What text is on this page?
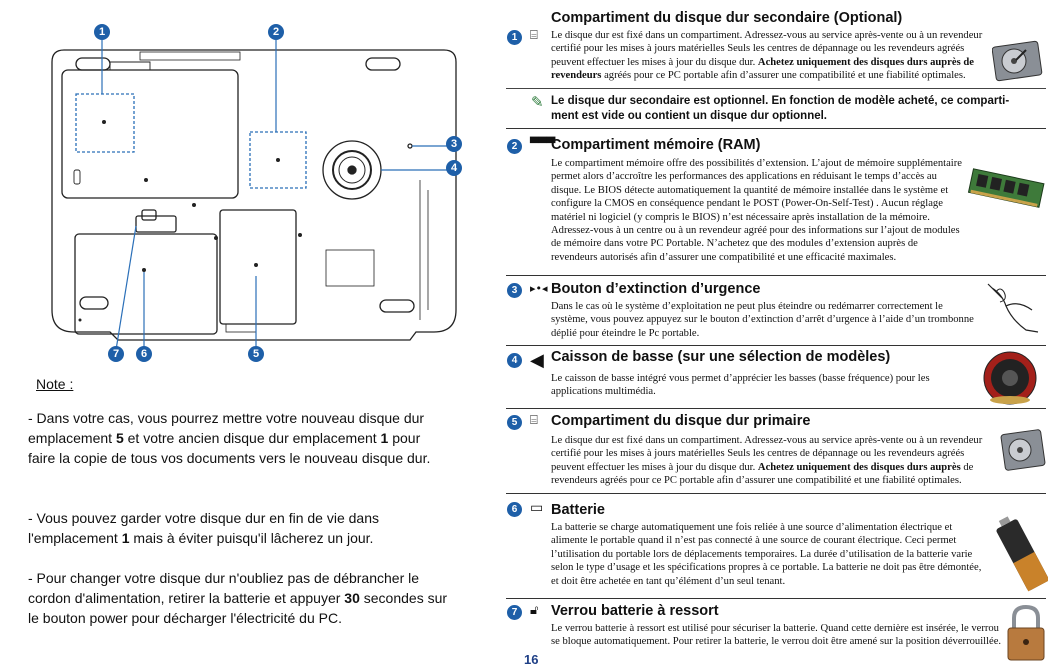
1	2
3
4
5
6
7
Note :
- Dans votre cas, vous pourrez mettre votre nouveau disque dur emplacement 5 et votre ancien disque dur emplacement 1 pour faire la copie de tous vos documents vers le nouveau disque dur.
- Vous pouvez garder votre disque dur en fin de vie dans l'emplacement 1 mais à éviter puisqu'il lâcherez un jour.
- Pour changer votre disque dur n'oubliez pas de débrancher le cordon d'alimentation, retirer la batterie et appuyer 30 secondes sur le bouton power pour décharger l'électricité du PC.
1 ⌸
Compartiment du disque dur secondaire (Optional)
Le disque dur est fixé dans un compartiment. Adressez-vous au service après-vente ou à un revendeur certifié pour les mises à jours matérielles Seuls les centres de dépannage ou les revendeurs agréés peuvent effectuer les mises à jour du disque dur. Achetez uniquement des disques durs auprès de revendeurs agréés pour ce PC portable afin d’assurer une compatibilité et une fiabilité optimales.
✎ Le disque dur secondaire est optionnel. En fonction de modèle acheté, ce comparti-ment est vide ou contient un disque dur optionnel.
2	▀▀▀
Compartiment mémoire (RAM)
Le compartiment mémoire offre des possibilités d’extension. L’ajout de mémoire supplémentaire permet alors d’accroître les performances des applications en réduisant le temps d’accès au disque. Le BIOS détecte automatiquement la quantité de mémoire installée dans le système et configure la CMOS en conséquence pendant le POST (Power-On-Self-Test) . Aucun réglage matériel ni logiciel (y compris le BIOS) n’est nécessaire après installation de la mémoire. Adressez-vous à un centre ou à un revendeur agréé pour des informations sur l’ajout de modules de mémoire dans votre PC Portable. N’achetez que des modules d’extension auprès de revendeurs autorisés afin d’assurer une compatibilité et une efficacité maximales.
3	▸•◂ Bouton d’extinction d’urgence
Dans le cas où le système d’exploitation ne peut plus éteindre ou redémarrer correctement le système, vous pouvez appuyez sur le bouton d’extinction d’arrêt d’urgence à l’aide d’un trombonne déplié pour éteindre le Pc portable.
4 ◀ Caisson de basse (sur une sélection de modèles)
Le caisson de basse intégré vous permet d’apprécier les basses (basse fréquence) pour les applications multimédia.
5 ⌸ Compartiment du disque dur primaire
Le disque dur est fixé dans un compartiment. Adressez-vous au service après-vente ou à un revendeur certifié pour les mises à jours matérielles Seuls les centres de dépannage ou les revendeurs agréés peuvent effectuer les mises à jour du disque dur. Achetez uniquement des disques durs auprès de revendeurs agréés pour ce PC portable afin d’assurer une compatibilité et une fiabilité optimales.
6 ▭ Batterie
La batterie se charge automatiquement une fois reliée à une source d’alimentation électrique et alimente le portable quand il n’est pas connecté à une source de courant électrique. Ceci permet l’utilisation du portable lors de déplacements temporaires. La durée d’utilisation de la batterie varie selon le type d’usage et les spécifications propres à ce portable. La batterie ne doit pas être démontée, et doit être achetée en tant qu’élément d’un seul tenant.
7 🔓︎ Verrou batterie à ressort
Le verrou batterie à ressort est utilisé pour sécuriser la batterie. Quand cette dernière est insérée, le verrou se bloque automatiquement. Pour retirer la batterie, le verrou doit être amené sur la position déverrouillée.
16
